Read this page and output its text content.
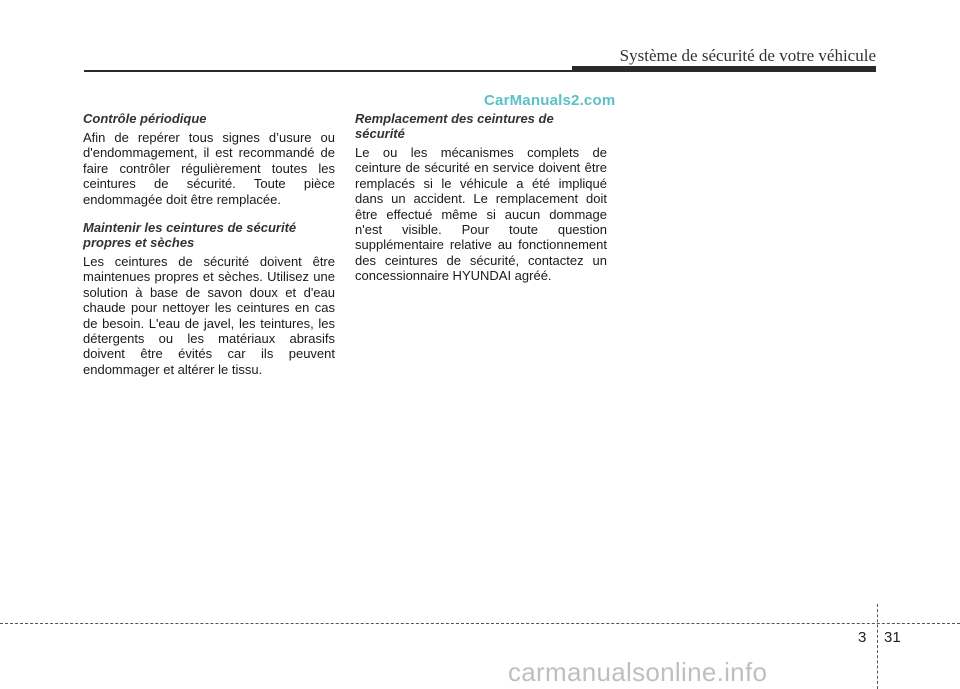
Système de sécurité de votre véhicule
CarManuals2.com
Contrôle périodique

Afin de repérer tous signes d’usure ou d'endommagement, il est recommandé de faire contrôler régulièrement toutes les ceintures de sécurité. Toute pièce endommagée doit être remplacée.

Maintenir les ceintures de sécurité propres et sèches

Les ceintures de sécurité doivent être maintenues propres et sèches. Utilisez une solution à base de savon doux et d'eau chaude pour nettoyer les ceintures en cas de besoin. L'eau de javel, les teintures, les détergents ou les matériaux abrasifs doivent être évités car ils peuvent endommager et altérer le tissu.

Remplacement des ceintures de sécurité

Le ou les mécanismes complets de ceinture de sécurité en service doivent être remplacés si le véhicule a été impliqué dans un accident. Le remplacement doit être effectué même si aucun dommage n'est visible. Pour toute question supplémentaire relative au fonctionnement des ceintures de sécurité, contactez un concessionnaire HYUNDAI agréé.

3 31
carmanualsonline.info
